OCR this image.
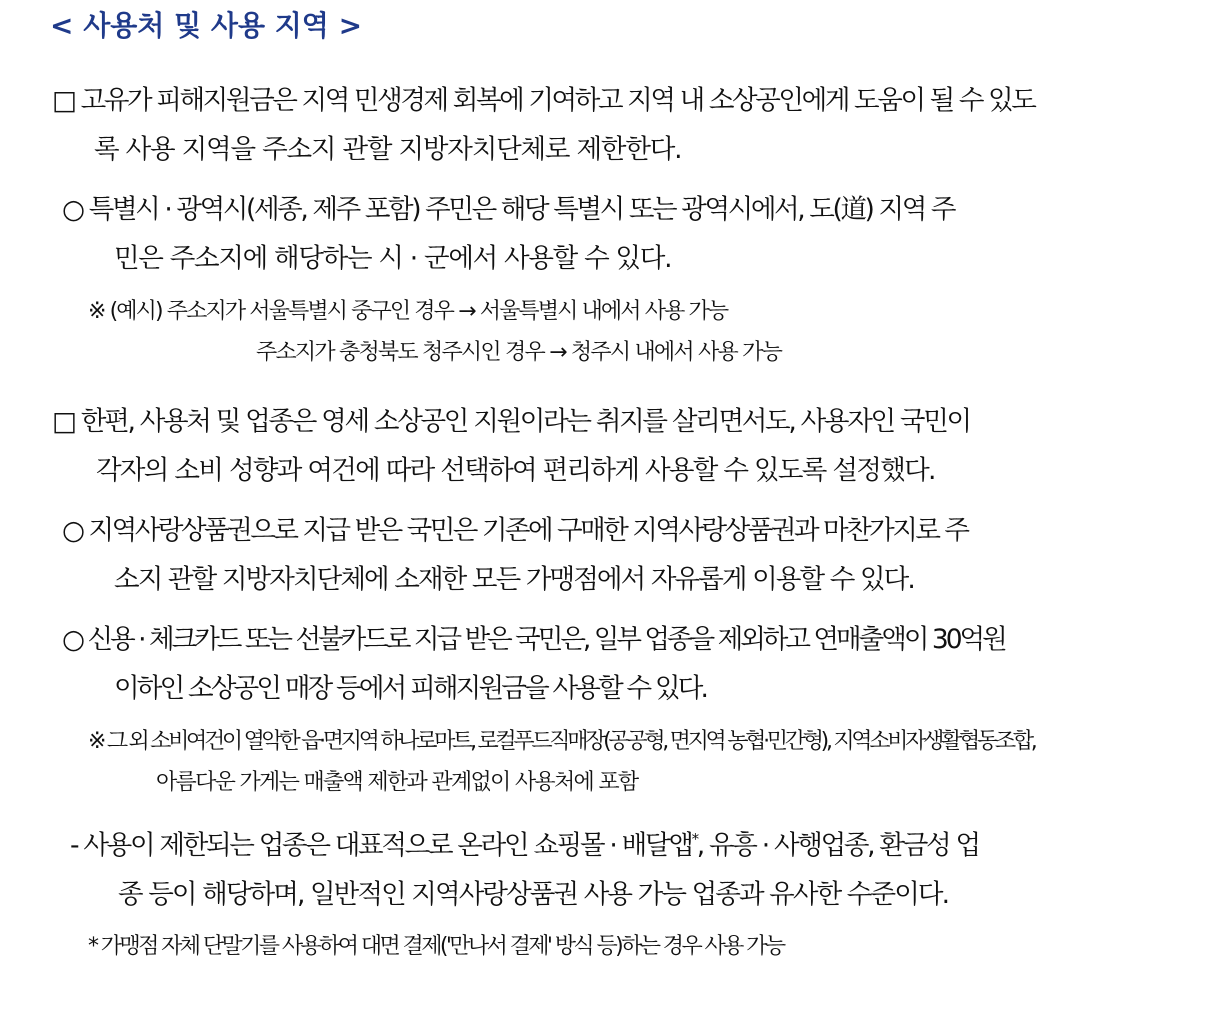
< 사용처 및 사용 지역 >
□ 고유가 피해지원금은 지역 민생경제 회복에 기여하고 지역 내 소상공인에게 도움이 될 수 있도
록 사용 지역을 주소지 관할 지방자치단체로 제한한다.
○ 특별시 · 광역시(세종, 제주 포함) 주민은 해당 특별시 또는 광역시에서, 도(道) 지역 주
민은 주소지에 해당하는 시 · 군에서 사용할 수 있다.
※ (예시) 주소지가 서울특별시 중구인 경우 → 서울특별시 내에서 사용 가능
주소지가 충청북도 청주시인 경우 → 청주시 내에서 사용 가능
□ 한편, 사용처 및 업종은 영세 소상공인 지원이라는 취지를 살리면서도, 사용자인 국민이
각자의 소비 성향과 여건에 따라 선택하여 편리하게 사용할 수 있도록 설정했다.
○ 지역사랑상품권으로 지급 받은 국민은 기존에 구매한 지역사랑상품권과 마찬가지로 주
소지 관할 지방자치단체에 소재한 모든 가맹점에서 자유롭게 이용할 수 있다.
○ 신용 · 체크카드 또는 선불카드로 지급 받은 국민은, 일부 업종을 제외하고 연매출액이 30억원
이하인 소상공인 매장 등에서 피해지원금을 사용할 수 있다.
※ 그 외 소비여건이 열악한 읍·면지역 하나로마트, 로컬푸드직매장(공공형, 면지역 농협·민간형), 지역소비자생활협동조합,
아름다운 가게는 매출액 제한과 관계없이 사용처에 포함
- 사용이 제한되는 업종은 대표적으로 온라인 쇼핑몰 · 배달앱*, 유흥 · 사행업종, 환금성 업
종 등이 해당하며, 일반적인 지역사랑상품권 사용 가능 업종과 유사한 수준이다.
* 가맹점 자체 단말기를 사용하여 대면 결제('만나서 결제' 방식 등)하는 경우 사용 가능
